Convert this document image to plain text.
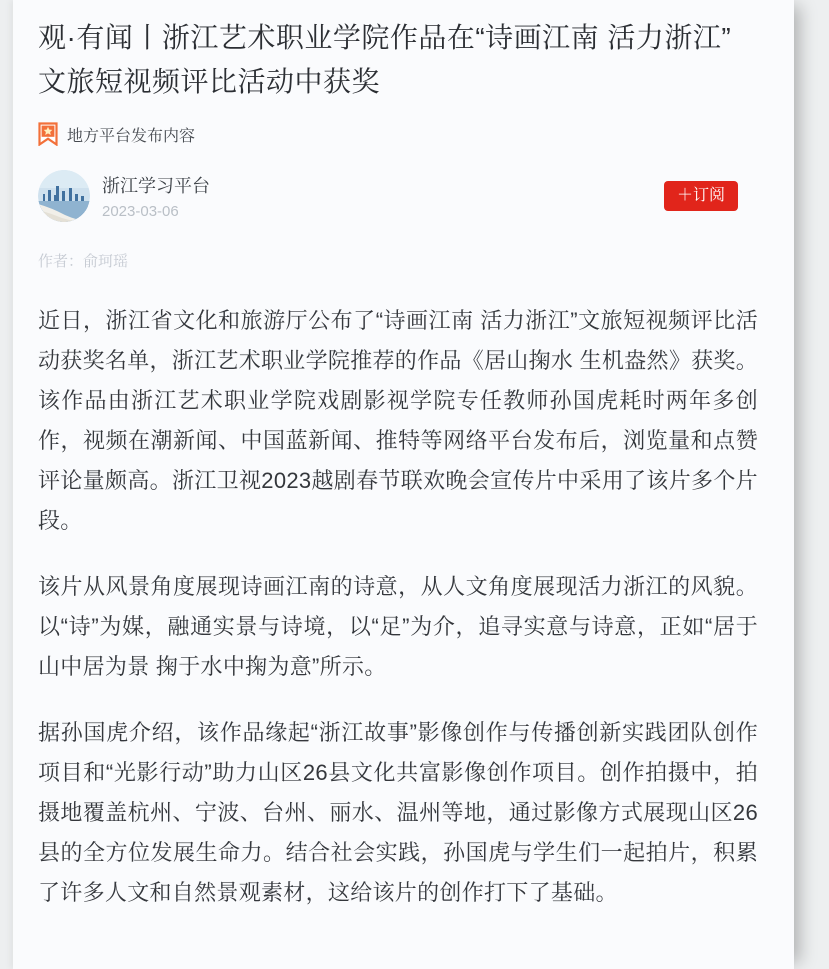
观·有闻丨浙江艺术职业学院作品在“诗画江南 活力浙江”文旅短视频评比活动中获奖
地方平台发布内容
浙江学习平台
2023-03-06
＋订阅
作者：俞珂瑶

近日，浙江省文化和旅游厅公布了“诗画江南 活力浙江”文旅短视频评比活动获奖名单，浙江艺术职业学院推荐的作品《居山掬水 生机盎然》获奖。该作品由浙江艺术职业学院戏剧影视学院专任教师孙国虎耗时两年多创作，视频在潮新闻、中国蓝新闻、推特等网络平台发布后，浏览量和点赞评论量颇高。浙江卫视2023越剧春节联欢晚会宣传片中采用了该片多个片段。

该片从风景角度展现诗画江南的诗意，从人文角度展现活力浙江的风貌。以“诗”为媒，融通实景与诗境，以“足”为介，追寻实意与诗意，正如“居于山中居为景 掬于水中掬为意”所示。

据孙国虎介绍，该作品缘起“浙江故事”影像创作与传播创新实践团队创作项目和“光影行动”助力山区26县文化共富影像创作项目。创作拍摄中，拍摄地覆盖杭州、宁波、台州、丽水、温州等地，通过影像方式展现山区26县的全方位发展生命力。结合社会实践，孙国虎与学生们一起拍片，积累了许多人文和自然景观素材，这给该片的创作打下了基础。
